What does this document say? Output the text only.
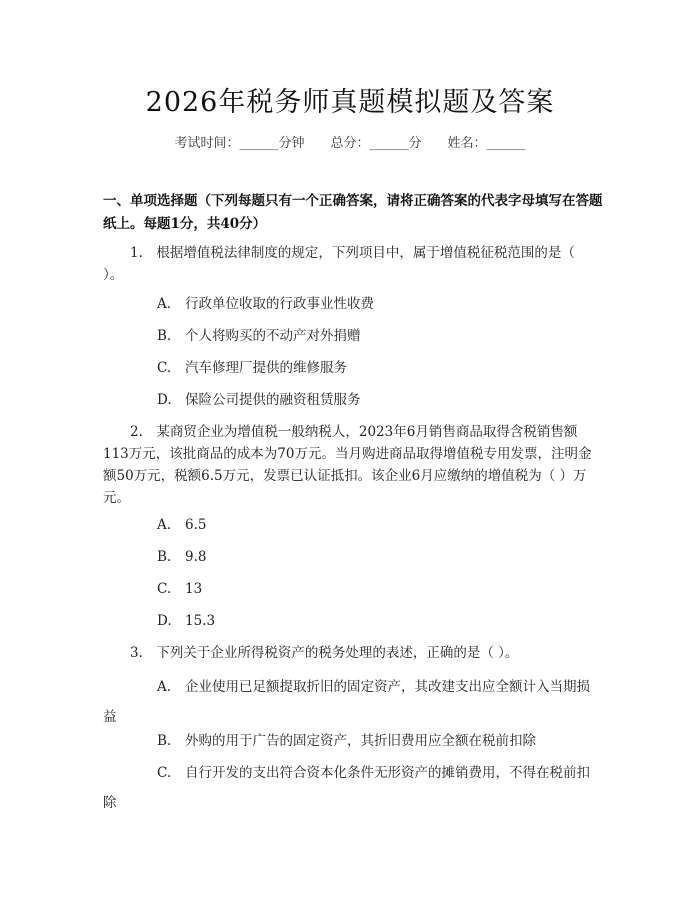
2026年税务师真题模拟题及答案
考试时间：______分钟 总分：______分 姓名：______
一、单项选择题（下列每题只有一个正确答案，请将正确答案的代表字母填写在答题纸上。每题1分，共40分）
1.　根据增值税法律制度的规定，下列项目中，属于增值税征税范围的是（ ）。
A. 行政单位收取的行政事业性收费
B. 个人将购买的不动产对外捐赠
C. 汽车修理厂提供的维修服务
D. 保险公司提供的融资租赁服务
2.　某商贸企业为增值税一般纳税人，2023年6月销售商品取得含税销售额113万元，该批商品的成本为70万元。当月购进商品取得增值税专用发票，注明金额50万元，税额6.5万元，发票已认证抵扣。该企业6月应缴纳的增值税为（ ）万元。
A. 6.5
B. 9.8
C. 13
D. 15.3
3.　下列关于企业所得税资产的税务处理的表述，正确的是（ ）。
A. 企业使用已足额提取折旧的固定资产，其改建支出应全额计入当期损益
B. 外购的用于广告的固定资产，其折旧费用应全额在税前扣除
C. 自行开发的支出符合资本化条件无形资产的摊销费用，不得在税前扣除
